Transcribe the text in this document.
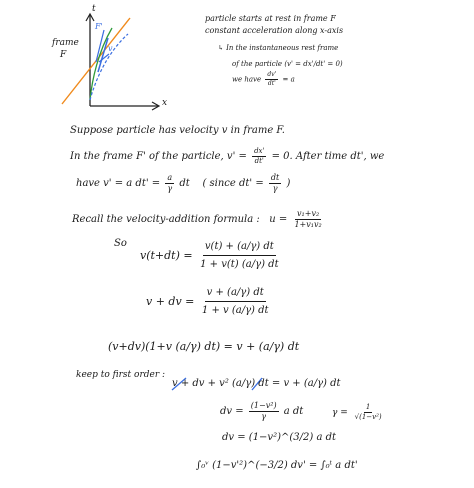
t
x
frame
F
F'
v
particle starts at rest in frame F
constant acceleration along x-axis
↳ In the instantaneous rest frame
of the particle (v' = dx'/dt' = 0)
we have $\frac{dv'}{dt'} = a$
Suppose particle has velocity v in frame F.
In the frame F' of the particle, $v' = \frac{dx'}{dt'} = 0$. After time dt', we
have v' = a $dt' = \frac{a}{\gamma}$ dt ( since $dt' = \frac{dt}{\gamma}$ )
Recall the velocity-addition formula : $u = \frac{\text{v₁+v₂}}{\text{1+v₁v₂}}$
So
$v(t+dt) = \frac{v(t) + (a/\gamma) dt}{1 + v(t) (a/\gamma) dt}$
v + dv = $\frac{v + (a/\gamma) dt}{1 + v (a/\gamma) dt}$
(v+dv)(1+v (a/γ) dt) = v + (a/γ) dt
keep to first order :
v + dv + v² (a/γ) dt = v + (a/γ) dt
dv = $\frac{\text{(1−v²)}}{\gamma}$ a dt	$\gamma = \frac{1}{\text{√(1−v²)}}$
dv = (1−v²)^(3/2) a dt
∫₀ᵛ (1−v'²)^(−3/2) dv' = ∫₀ᵗ a dt'
